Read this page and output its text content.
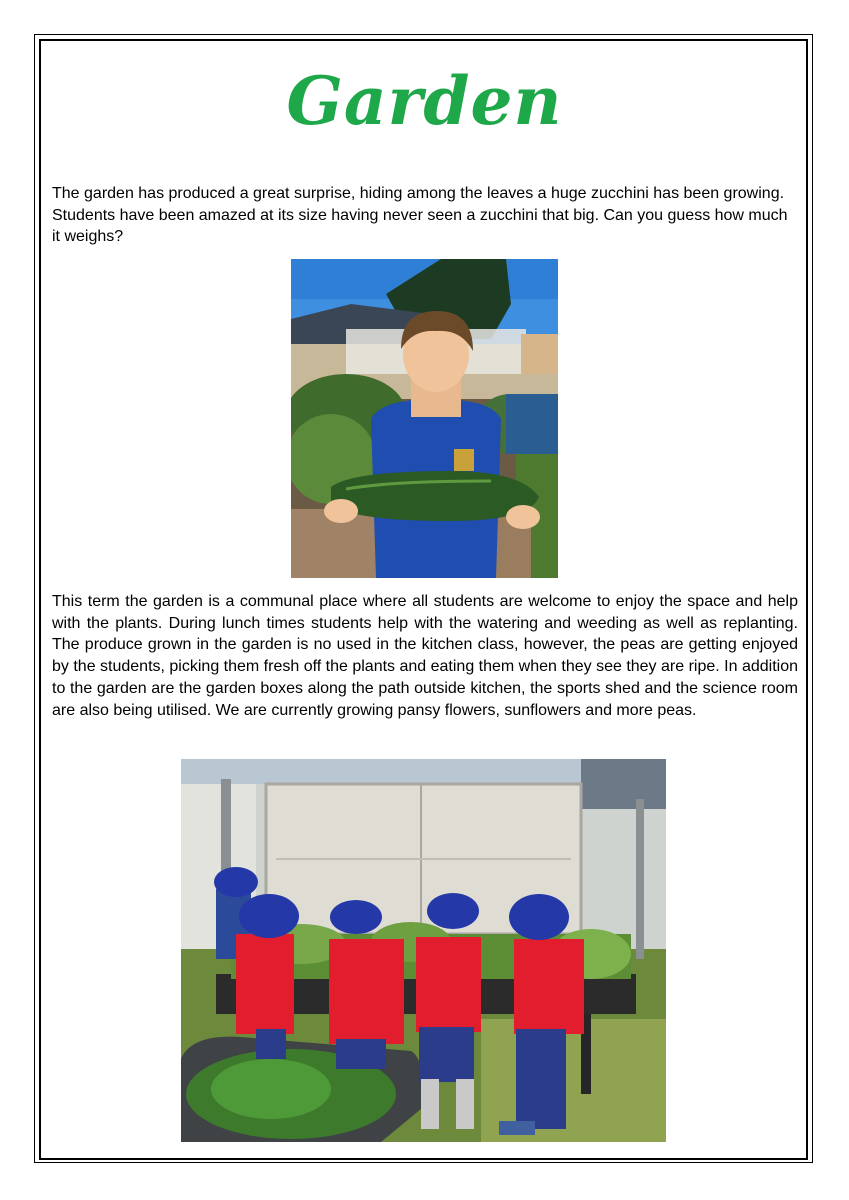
Garden

The garden has produced a great surprise, hiding among the leaves a huge zucchini has been growing. Students have been amazed at its size having never seen a zucchini that big. Can you guess how much it weighs?

This term the garden is a communal place where all students are welcome to enjoy the space and help with the plants. During lunch times students help with the watering and weeding as well as replanting. The produce grown in the garden is no used in the kitchen class, however, the peas are getting enjoyed by the students, picking them fresh off the plants and eating them when they see they are ripe. In addition to the garden are the garden boxes along the path outside kitchen, the sports shed and the science room are also being utilised. We are currently growing pansy flowers, sunflowers and more peas.
